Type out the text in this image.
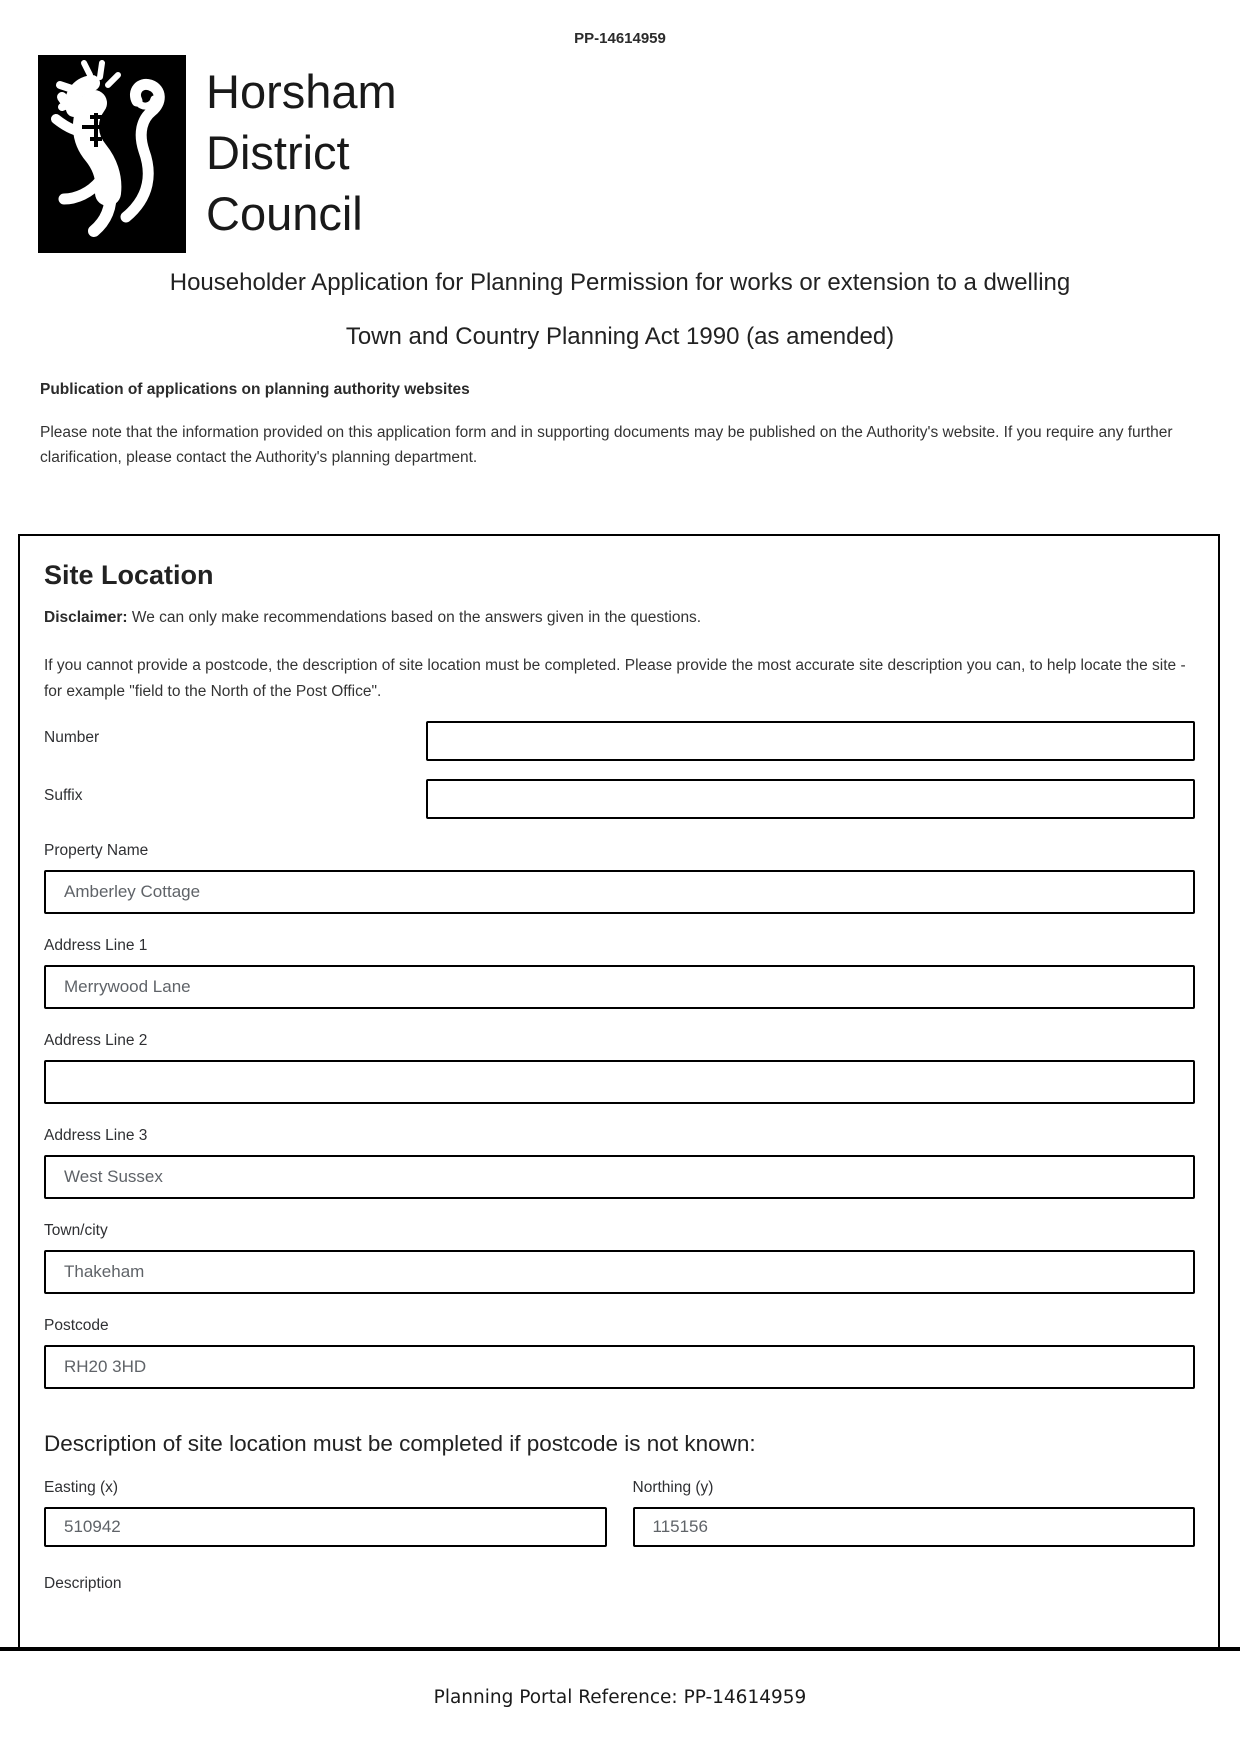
PP-14614959
Horsham
District
Council
Householder Application for Planning Permission for works or extension to a dwelling
Town and Country Planning Act 1990 (as amended)
Publication of applications on planning authority websites

Please note that the information provided on this application form and in supporting documents may be published on the Authority's website. If you require any further clarification, please contact the Authority's planning department.

Site Location

Disclaimer: We can only make recommendations based on the answers given in the questions.

If you cannot provide a postcode, the description of site location must be completed. Please provide the most accurate site description you can, to help locate the site - for example "field to the North of the Post Office".

Number
Suffix
Property Name
Amberley Cottage
Address Line 1
Merrywood Lane
Address Line 2
Address Line 3
West Sussex
Town/city
Thakeham
Postcode
RH20 3HD
Description of site location must be completed if postcode is not known:
Easting (x)
510942	Northing (y)
115156
Description
Planning Portal Reference: PP-14614959
